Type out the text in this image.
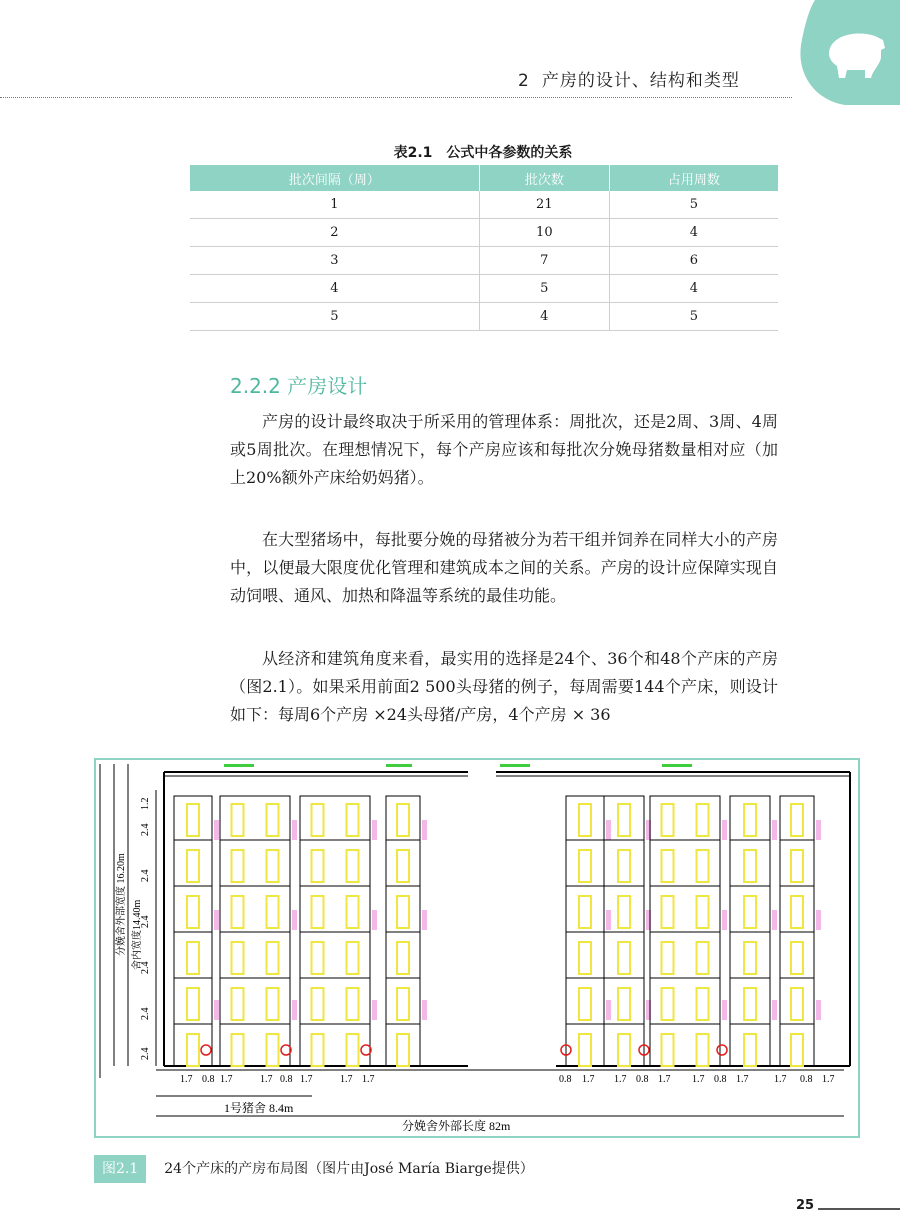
2 产房的设计、结构和类型
表2.1　公式中各参数的关系
批次间隔（周）	批次数	占用周数
1	21	5
2	10	4
3	7	6
4	5	4
5	4	5
2.2.2 产房设计

产房的设计最终取决于所采用的管理体系：周批次，还是2周、3周、4周或5周批次。在理想情况下，每个产房应该和每批次分娩母猪数量相对应（加上20%额外产床给奶妈猪）。

在大型猪场中，每批要分娩的母猪被分为若干组并饲养在同样大小的产房中，以便最大限度优化管理和建筑成本之间的关系。产房的设计应保障实现自动饲喂、通风、加热和降温等系统的最佳功能。

从经济和建筑角度来看，最实用的选择是24个、36个和48个产床的产房（图2.1）。如果采用前面2 500头母猪的例子，每周需要144个产床，则设计如下：每周6个产房 ×24头母猪/产房，4个产房 × 36

分娩舍外部宽度 16.20m 舍内宽度14.40m
1.2
2.4
2.4
2.4
2.4
2.4
2.4
1.7 0.8 1.7	1.7 0.8 1.7	1.7 1.7	0.8 1.7 1.7 0.8 1.7 1.7 0.8 1.7	1.7 0.8 1.7
1号猪舍 8.4m
分娩舍外部长度 82m
图2.1 24个产床的产房布局图（图片由José María Biarge提供）
25
